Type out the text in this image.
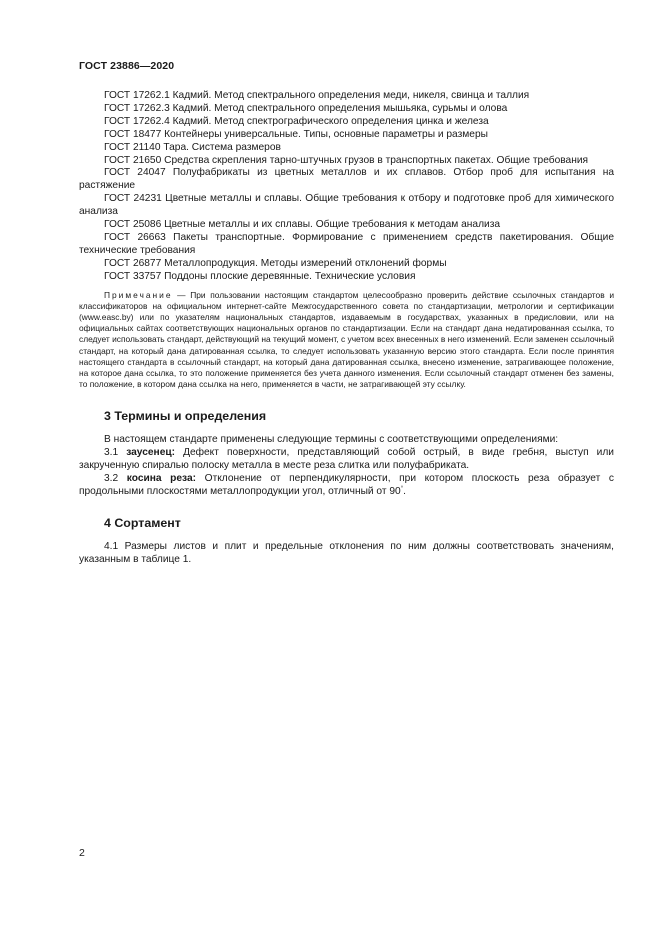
ГОСТ 23886—2020
ГОСТ 17262.1 Кадмий. Метод спектрального определения меди, никеля, свинца и таллия
ГОСТ 17262.3 Кадмий. Метод спектрального определения мышьяка, сурьмы и олова
ГОСТ 17262.4 Кадмий. Метод спектрографического определения цинка и железа
ГОСТ 18477 Контейнеры универсальные. Типы, основные параметры и размеры
ГОСТ 21140 Тара. Система размеров
ГОСТ 21650 Средства скрепления тарно-штучных грузов в транспортных пакетах. Общие требования
ГОСТ 24047 Полуфабрикаты из цветных металлов и их сплавов. Отбор проб для испытания на растяжение
ГОСТ 24231 Цветные металлы и сплавы. Общие требования к отбору и подготовке проб для химического анализа
ГОСТ 25086 Цветные металлы и их сплавы. Общие требования к методам анализа
ГОСТ 26663 Пакеты транспортные. Формирование с применением средств пакетирования. Общие технические требования
ГОСТ 26877 Металлопродукция. Методы измерений отклонений формы
ГОСТ 33757 Поддоны плоские деревянные. Технические условия
Примечание — При пользовании настоящим стандартом целесообразно проверить действие ссылочных стандартов и классификаторов на официальном интернет-сайте Межгосударственного совета по стандартизации, метрологии и сертификации (www.easc.by) или по указателям национальных стандартов, издаваемым в государствах, указанных в предисловии, или на официальных сайтах соответствующих национальных органов по стандартизации. Если на стандарт дана недатированная ссылка, то следует использовать стандарт, действующий на текущий момент, с учетом всех внесенных в него изменений. Если заменен ссылочный стандарт, на который дана датированная ссылка, то следует использовать указанную версию этого стандарта. Если после принятия настоящего стандарта в ссылочный стандарт, на который дана датированная ссылка, внесено изменение, затрагивающее положение, на которое дана ссылка, то это положение применяется без учета данного изменения. Если ссылочный стандарт отменен без замены, то положение, в котором дана ссылка на него, применяется в части, не затрагивающей эту ссылку.
3 Термины и определения
В настоящем стандарте применены следующие термины с соответствующими определениями:
3.1 заусенец: Дефект поверхности, представляющий собой острый, в виде гребня, выступ или закрученную спиралью полоску металла в месте реза слитка или полуфабриката.
3.2 косина реза: Отклонение от перпендикулярности, при котором плоскость реза образует с продольными плоскостями металлопродукции угол, отличный от 90°.
4 Сортамент
4.1 Размеры листов и плит и предельные отклонения по ним должны соответствовать значениям, указанным в таблице 1.
2
